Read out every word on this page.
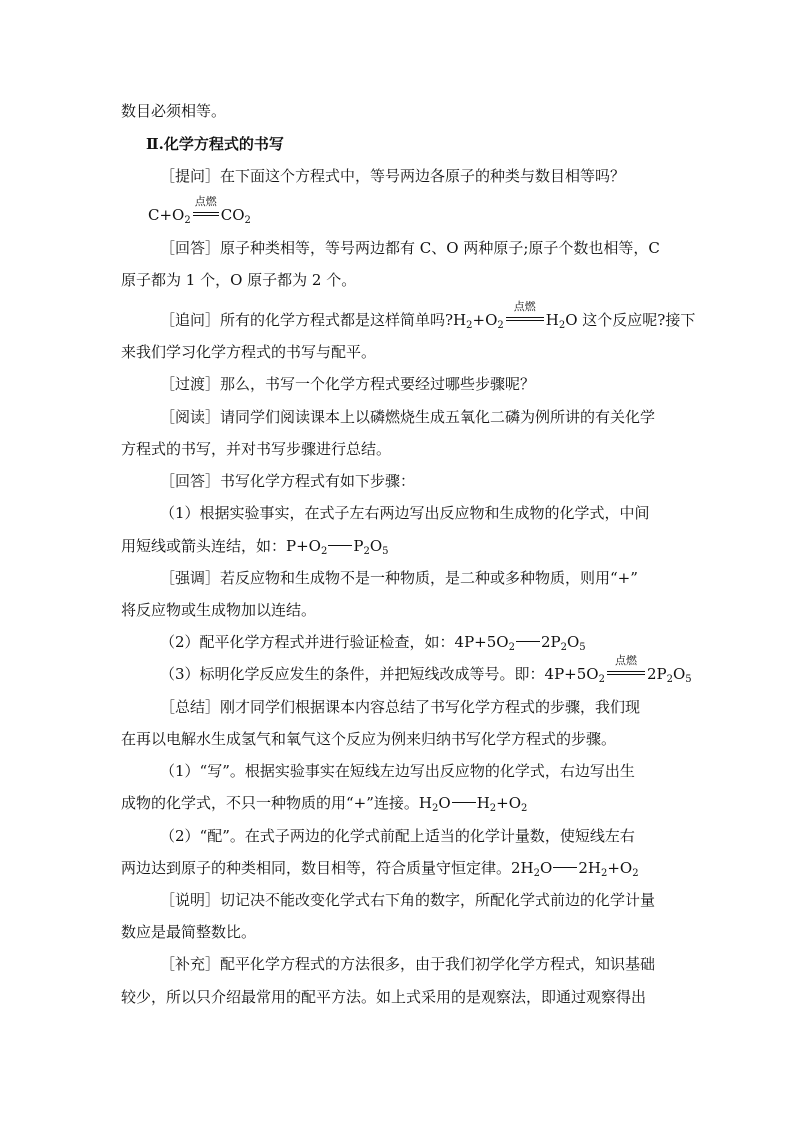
数目必须相等。
Ⅱ.化学方程式的书写
［提问］在下面这个方程式中，等号两边各原子的种类与数目相等吗？
$C+O_2$
点燃
$CO_2$
［回答］原子种类相等，等号两边都有 C、O 两种原子;原子个数也相等，C
原子都为 1 个，O 原子都为 2 个。
［追问］所有的化学方程式都是这样简单吗$?H_2+O_2$
点燃
$H_2O$ 这个反应呢?接下
来我们学习化学方程式的书写与配平。
［过渡］那么，书写一个化学方程式要经过哪些步骤呢？
［阅读］请同学们阅读课本上以磷燃烧生成五氧化二磷为例所讲的有关化学
方程式的书写，并对书写步骤进行总结。
［回答］书写化学方程式有如下步骤：
（1）根据实验事实，在式子左右两边写出反应物和生成物的化学式，中间
用短线或箭头连结，如：$P+O_2$ $P_2O_5$
［强调］若反应物和生成物不是一种物质，是二种或多种物质，则用“+”
将反应物或生成物加以连结。
（2）配平化学方程式并进行验证检查，如：$4P+5O_2$ $2P_2O_5$
（3）标明化学反应发生的条件，并把短线改成等号。即：$4P+5O_2$
点燃
$2P_2O_5$
［总结］刚才同学们根据课本内容总结了书写化学方程式的步骤，我们现
在再以电解水生成氢气和氧气这个反应为例来归纳书写化学方程式的步骤。
（1）“写”。根据实验事实在短线左边写出反应物的化学式，右边写出生
成物的化学式，不只一种物质的用“+”连接。$H_2O$ $H_2+O_2$
（2）“配”。在式子两边的化学式前配上适当的化学计量数，使短线左右
两边达到原子的种类相同，数目相等，符合质量守恒定律。$2H_2O$ $2H_2+O_2$
［说明］切记决不能改变化学式右下角的数字，所配化学式前边的化学计量
数应是最简整数比。
［补充］配平化学方程式的方法很多，由于我们初学化学方程式，知识基础
较少，所以只介绍最常用的配平方法。如上式采用的是观察法，即通过观察得出
